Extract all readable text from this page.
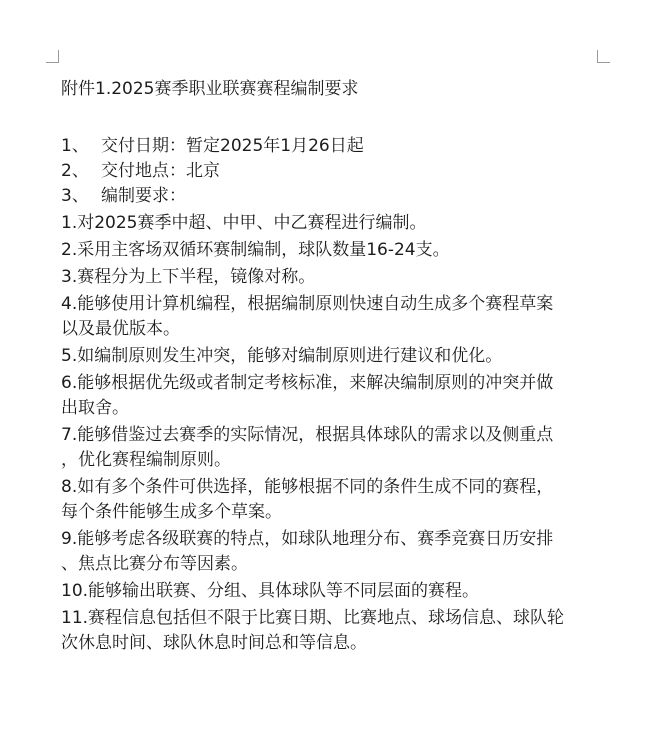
附件1.2025赛季职业联赛赛程编制要求
1、 交付日期：暂定2025年1月26日起
2、 交付地点：北京
3、 编制要求：
1.对2025赛季中超、中甲、中乙赛程进行编制。
2.采用主客场双循环赛制编制，球队数量16-24支。
3.赛程分为上下半程，镜像对称。
4.能够使用计算机编程，根据编制原则快速自动生成多个赛程草案
以及最优版本。
5.如编制原则发生冲突，能够对编制原则进行建议和优化。
6.能够根据优先级或者制定考核标准，来解决编制原则的冲突并做
出取舍。
7.能够借鉴过去赛季的实际情况，根据具体球队的需求以及侧重点
，优化赛程编制原则。
8.如有多个条件可供选择，能够根据不同的条件生成不同的赛程，
每个条件能够生成多个草案。
9.能够考虑各级联赛的特点，如球队地理分布、赛季竞赛日历安排
、焦点比赛分布等因素。
10.能够输出联赛、分组、具体球队等不同层面的赛程。
11.赛程信息包括但不限于比赛日期、比赛地点、球场信息、球队轮
次休息时间、球队休息时间总和等信息。
